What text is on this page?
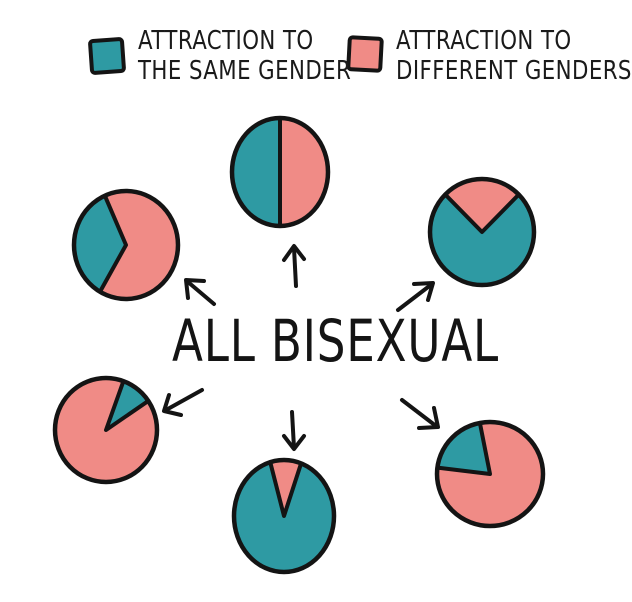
ATTRACTION TO
THE SAME GENDER
ATTRACTION TO
DIFFERENT GENDERS
ALL BISEXUAL
